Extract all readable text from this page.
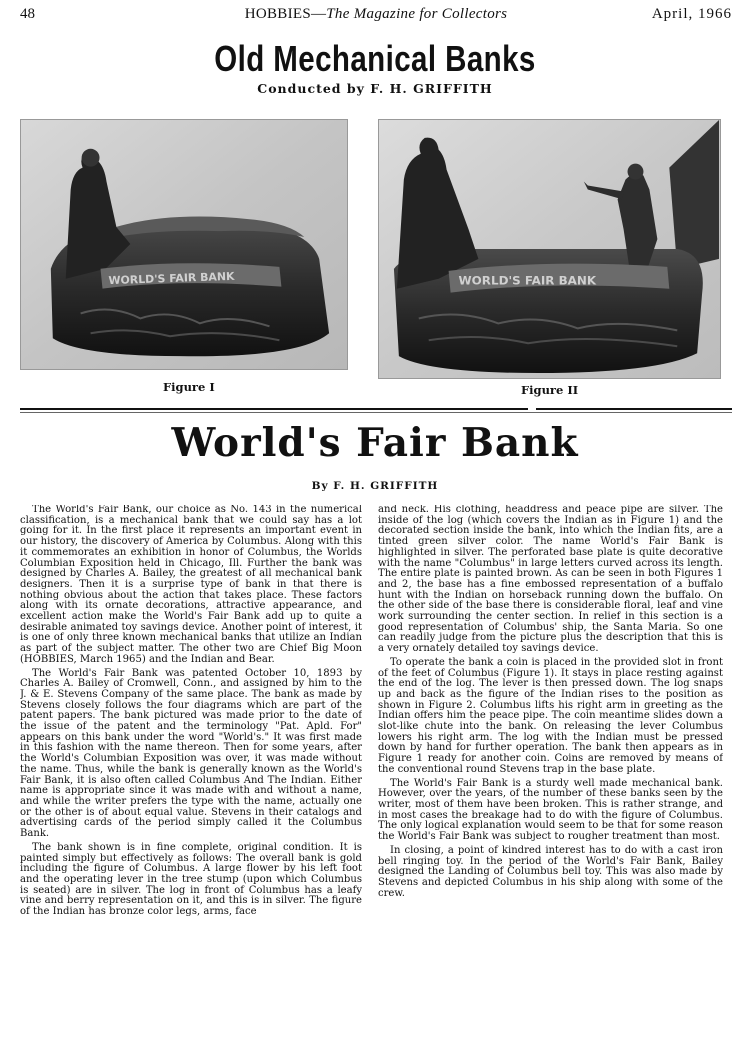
48	HOBBIES—The Magazine for Collectors	April, 1966
Old Mechanical Banks
Conducted by F. H. GRIFFITH
WORLD'S FAIR BANK
Figure I
WORLD'S FAIR BANK
Figure II
World's Fair Bank
By F. H. GRIFFITH

The World's Fair Bank, our choice as No. 143 in the numerical classification, is a mechanical bank that we could say has a lot going for it. In the first place it represents an important event in our history, the discovery of America by Columbus. Along with this it commemorates an exhibition in honor of Columbus, the Worlds Columbian Exposition held in Chicago, Ill. Further the bank was designed by Charles A. Bailey, the greatest of all mechanical bank designers. Then it is a surprise type of bank in that there is nothing obvious about the action that takes place. These factors along with its ornate decorations, attractive appearance, and excellent action make the World's Fair Bank add up to quite a desirable animated toy savings device. Another point of interest, it is one of only three known mechanical banks that utilize an Indian as part of the subject matter. The other two are Chief Big Moon (HOBBIES, March 1965) and the Indian and Bear.

The World's Fair Bank was patented October 10, 1893 by Charles A. Bailey of Cromwell, Conn., and assigned by him to the J. & E. Stevens Company of the same place. The bank as made by Stevens closely follows the four diagrams which are part of the patent papers. The bank pictured was made prior to the date of the issue of the patent and the terminology "Pat. Apld. For" appears on this bank under the word "World's." It was first made in this fashion with the name thereon. Then for some years, after the World's Columbian Exposition was over, it was made without the name. Thus, while the bank is generally known as the World's Fair Bank, it is also often called Columbus And The Indian. Either name is appropriate since it was made with and without a name, and while the writer prefers the type with the name, actually one or the other is of about equal value. Stevens in their catalogs and advertising cards of the period simply called it the Columbus Bank.

The bank shown is in fine complete, original condition. It is painted simply but effectively as follows: The overall bank is gold including the figure of Columbus. A large flower by his left foot and the operating lever in the tree stump (upon which Columbus is seated) are in silver. The log in front of Columbus has a leafy vine and berry representation on it, and this is in silver. The figure of the Indian has bronze color legs, arms, face

and neck. His clothing, headdress and peace pipe are silver. The inside of the log (which covers the Indian as in Figure 1) and the decorated section inside the bank, into which the Indian fits, are a tinted green silver color. The name World's Fair Bank is highlighted in silver. The perforated base plate is quite decorative with the name "Columbus" in large letters curved across its length. The entire plate is painted brown. As can be seen in both Figures 1 and 2, the base has a fine embossed representation of a buffalo hunt with the Indian on horseback running down the buffalo. On the other side of the base there is considerable floral, leaf and vine work surrounding the center section. In relief in this section is a good representation of Columbus' ship, the Santa Maria. So one can readily judge from the picture plus the description that this is a very ornately detailed toy savings device.

To operate the bank a coin is placed in the provided slot in front of the feet of Columbus (Figure 1). It stays in place resting against the end of the log. The lever is then pressed down. The log snaps up and back as the figure of the Indian rises to the position as shown in Figure 2. Columbus lifts his right arm in greeting as the Indian offers him the peace pipe. The coin meantime slides down a slot-like chute into the bank. On releasing the lever Columbus lowers his right arm. The log with the Indian must be pressed down by hand for further operation. The bank then appears as in Figure 1 ready for another coin. Coins are removed by means of the conventional round Stevens trap in the base plate.

The World's Fair Bank is a sturdy well made mechanical bank. However, over the years, of the number of these banks seen by the writer, most of them have been broken. This is rather strange, and in most cases the breakage had to do with the figure of Columbus. The only logical explanation would seem to be that for some reason the World's Fair Bank was subject to rougher treatment than most.

In closing, a point of kindred interest has to do with a cast iron bell ringing toy. In the period of the World's Fair Bank, Bailey designed the Landing of Columbus bell toy. This was also made by Stevens and depicted Columbus in his ship along with some of the crew.
